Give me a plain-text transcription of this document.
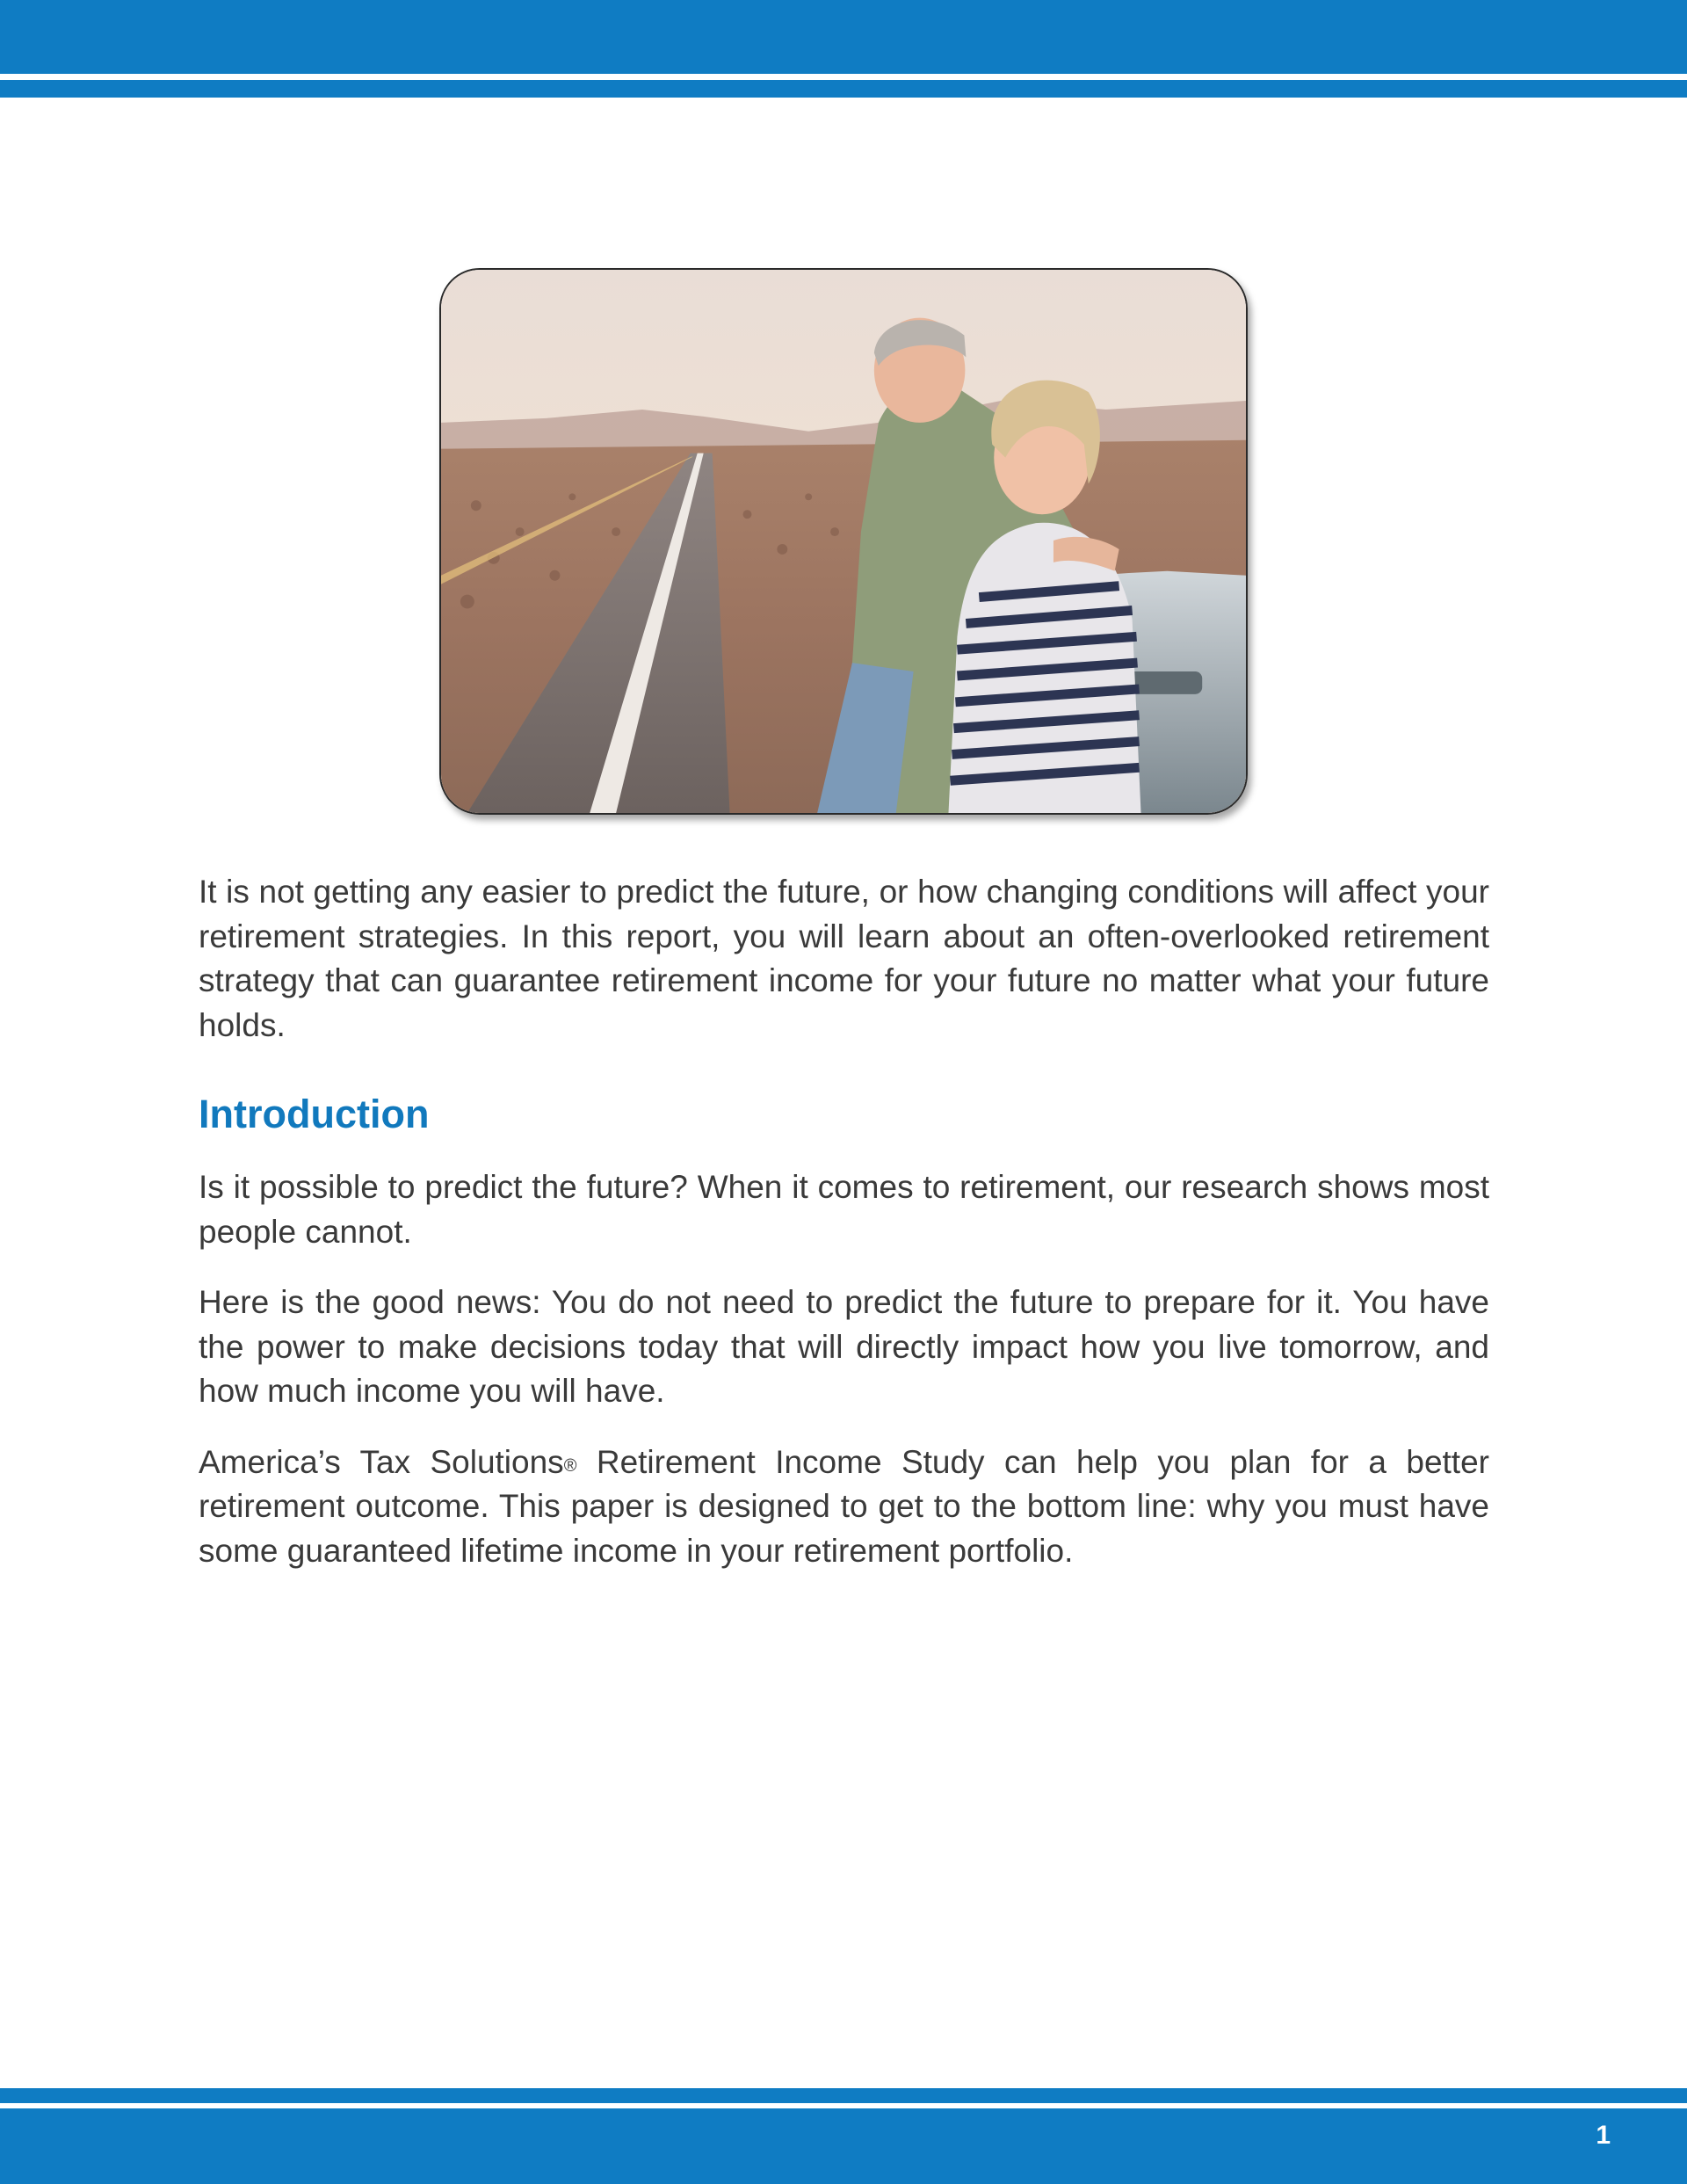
It is not getting any easier to predict the future, or how changing conditions will affect your retirement strategies. In this report, you will learn about an often-overlooked retirement strategy that can guarantee retirement income for your future no matter what your future holds.

Introduction

Is it possible to predict the future? When it comes to retirement, our research shows most people cannot.

Here is the good news: You do not need to predict the future to prepare for it. You have the power to make decisions today that will directly impact how you live tomorrow, and how much income you will have.

America’s Tax Solutions® Retirement Income Study can help you plan for a better retirement outcome. This paper is designed to get to the bottom line: why you must have some guaranteed lifetime income in your retirement portfolio.

1
